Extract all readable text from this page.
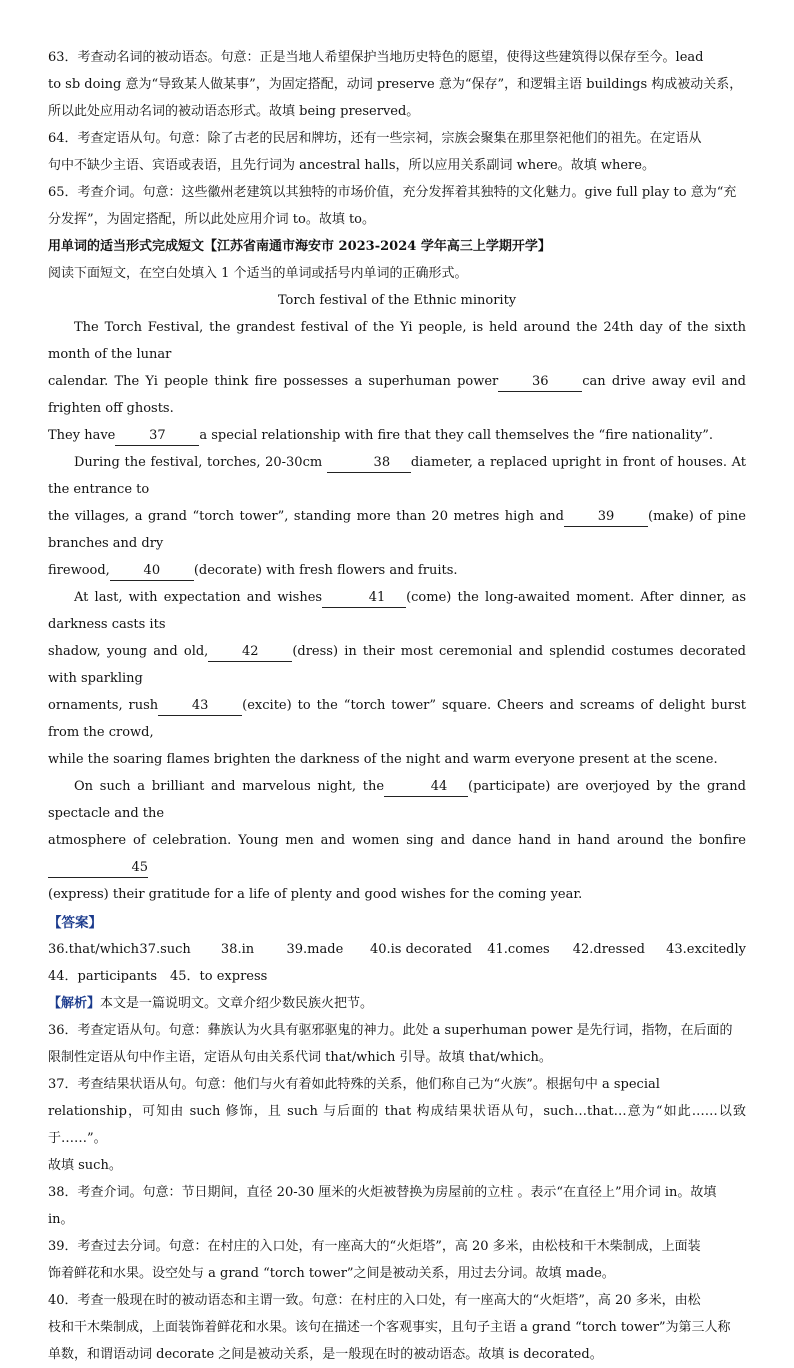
63．考查动名词的被动语态。句意：正是当地人希望保护当地历史特色的愿望，使得这些建筑得以保存至今。lead

to sb doing 意为“导致某人做某事”，为固定搭配，动词 preserve 意为“保存”，和逻辑主语 buildings 构成被动关系，

所以此处应用动名词的被动语态形式。故填 being preserved。

64．考查定语从句。句意：除了古老的民居和牌坊，还有一些宗祠，宗族会聚集在那里祭祀他们的祖先。在定语从

句中不缺少主语、宾语或表语，且先行词为 ancestral halls，所以应用关系副词 where。故填 where。

65．考查介词。句意：这些徽州老建筑以其独特的市场价值，充分发挥着其独特的文化魅力。give full play to 意为“充

分发挥”，为固定搭配，所以此处应用介词 to。故填 to。

用单词的适当形式完成短文【江苏省南通市海安市 2023-2024 学年高三上学期开学】

阅读下面短文，在空白处填入 1 个适当的单词或括号内单词的正确形式。

Torch festival of the Ethnic minority

The Torch Festival, the grandest festival of the Yi people, is held around the 24th day of the sixth month of the lunar

calendar. The Yi people think fire possesses a superhuman power	36	can drive away evil and frighten off ghosts.

They have	37	a special relationship with fire that they call themselves the “fire nationality”.

During the festival, torches, 20-30cm	38 diameter, a replaced upright in front of houses. At the entrance to

the villages, a grand “torch tower”, standing more than 20 metres high and	39	(make) of pine branches and dry

firewood,	40	(decorate) with fresh flowers and fruits.

At last, with expectation and wishes	41 (come) the long-awaited moment. After dinner, as darkness casts its

shadow, young and old,	42	(dress) in their most ceremonial and splendid costumes decorated with sparkling

ornaments, rush	43	(excite) to the “torch tower” square. Cheers and screams of delight burst from the crowd,

while the soaring flames brighten the darkness of the night and warm everyone present at the scene.

On such a brilliant and marvelous night, the	44 (participate) are overjoyed by the grand spectacle and the

atmosphere of celebration. Young men and women sing and dance hand in hand around the bonfire45

(express) their gratitude for a life of plenty and good wishes for the coming year.

【答案】

36.that/which 37.such	38.in	39.made	40.is decorated	41.comes	42.dressed	43.excitedly
44．participants	45．to express

【解析】本文是一篇说明文。文章介绍少数民族火把节。

36．考查定语从句。句意：彝族认为火具有驱邪驱鬼的神力。此处 a superhuman power 是先行词，指物，在后面的

限制性定语从句中作主语，定语从句由关系代词 that/which 引导。故填 that/which。

37．考查结果状语从句。句意：他们与火有着如此特殊的关系，他们称自己为“火族”。根据句中 a special

relationship，可知由 such 修饰，且 such 与后面的 that 构成结果状语从句，such…that…意为“如此……以致于……”。

故填 such。

38．考查介词。句意：节日期间，直径 20-30 厘米的火炬被替换为房屋前的立柱 。表示“在直径上”用介词 in。故填

in。

39．考查过去分词。句意：在村庄的入口处，有一座高大的“火炬塔”，高 20 多米，由松枝和干木柴制成，上面装

饰着鲜花和水果。设空处与 a grand “torch tower”之间是被动关系，用过去分词。故填 made。

40．考查一般现在时的被动语态和主谓一致。句意：在村庄的入口处，有一座高大的“火炬塔”，高 20 多米，由松

枝和干木柴制成，上面装饰着鲜花和水果。该句在描述一个客观事实，且句子主语 a grand “torch tower”为第三人称

单数，和谓语动词 decorate 之间是被动关系，是一般现在时的被动语态。故填 is decorated。
